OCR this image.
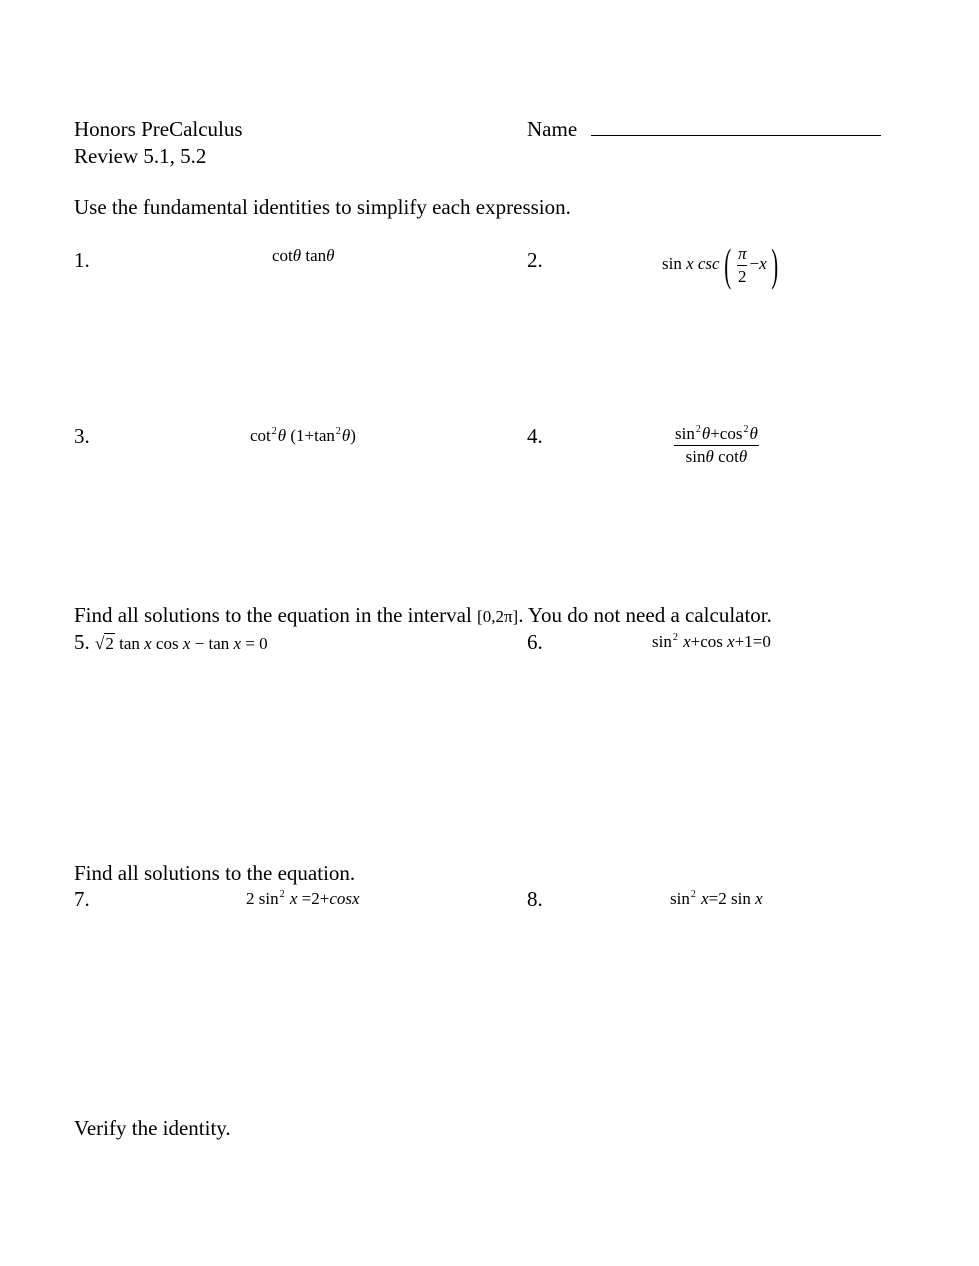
Honors PreCalculus
Review 5.1, 5.2
Name
Use the fundamental identities to simplify each expression.
1.	cotθ tanθ	2.	sin x $\csc( \frac{\pi}{2} -x)$
3.	$\cot^2\theta$ $(1+\tan^2\theta)$	4.	$\frac{\sin^2\theta+\cos^2\theta}{\text{sinθ cotθ}}$
Find all solutions to the equation in the interval [0,2π]. You do not need a calculator.
5. √2 tan x cos x − tan x = 0	6.	$\sin^2 x+\cos$ x+1=0
Find all solutions to the equation.
7.	2 $\sin^2 x =2+\cos x$	8.	$\sin^2 x=2$ sin x
Verify the identity.
